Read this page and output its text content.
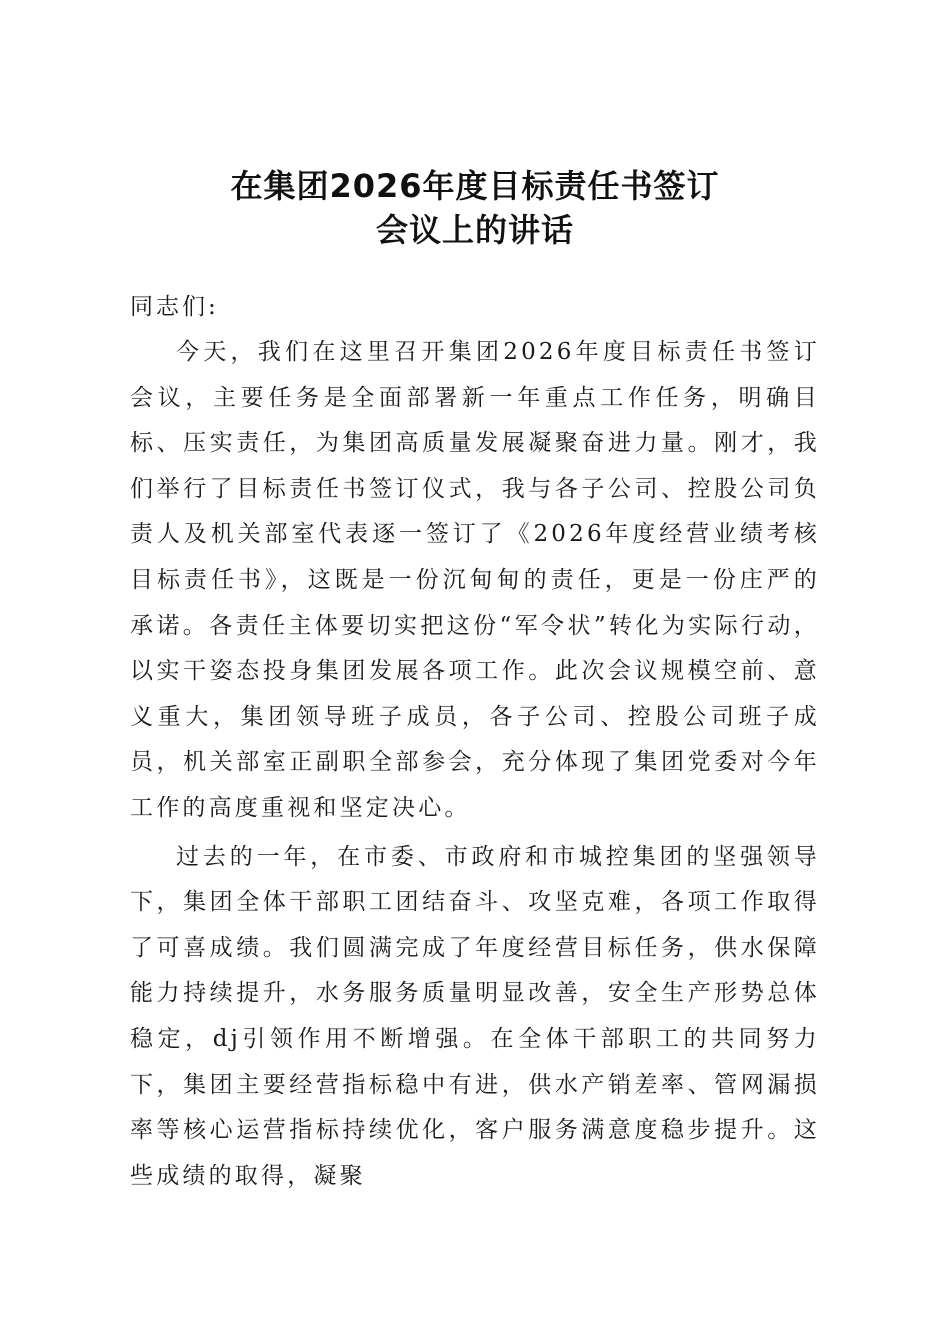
在集团2026年度目标责任书签订
会议上的讲话

同志们:

今天，我们在这里召开集团2026年度目标责任书签订会议，主要任务是全面部署新一年重点工作任务，明确目标、压实责任，为集团高质量发展凝聚奋进力量。刚才，我们举行了目标责任书签订仪式，我与各子公司、控股公司负责人及机关部室代表逐一签订了《2026年度经营业绩考核目标责任书》，这既是一份沉甸甸的责任，更是一份庄严的承诺。各责任主体要切实把这份“军令状”转化为实际行动，以实干姿态投身集团发展各项工作。此次会议规模空前、意义重大，集团领导班子成员，各子公司、控股公司班子成员，机关部室正副职全部参会，充分体现了集团党委对今年工作的高度重视和坚定决心。

过去的一年，在市委、市政府和市城控集团的坚强领导下，集团全体干部职工团结奋斗、攻坚克难，各项工作取得了可喜成绩。我们圆满完成了年度经营目标任务，供水保障能力持续提升，水务服务质量明显改善，安全生产形势总体稳定，dj引领作用不断增强。在全体干部职工的共同努力下，集团主要经营指标稳中有进，供水产销差率、管网漏损率等核心运营指标持续优化，客户服务满意度稳步提升。这些成绩的取得，凝聚
